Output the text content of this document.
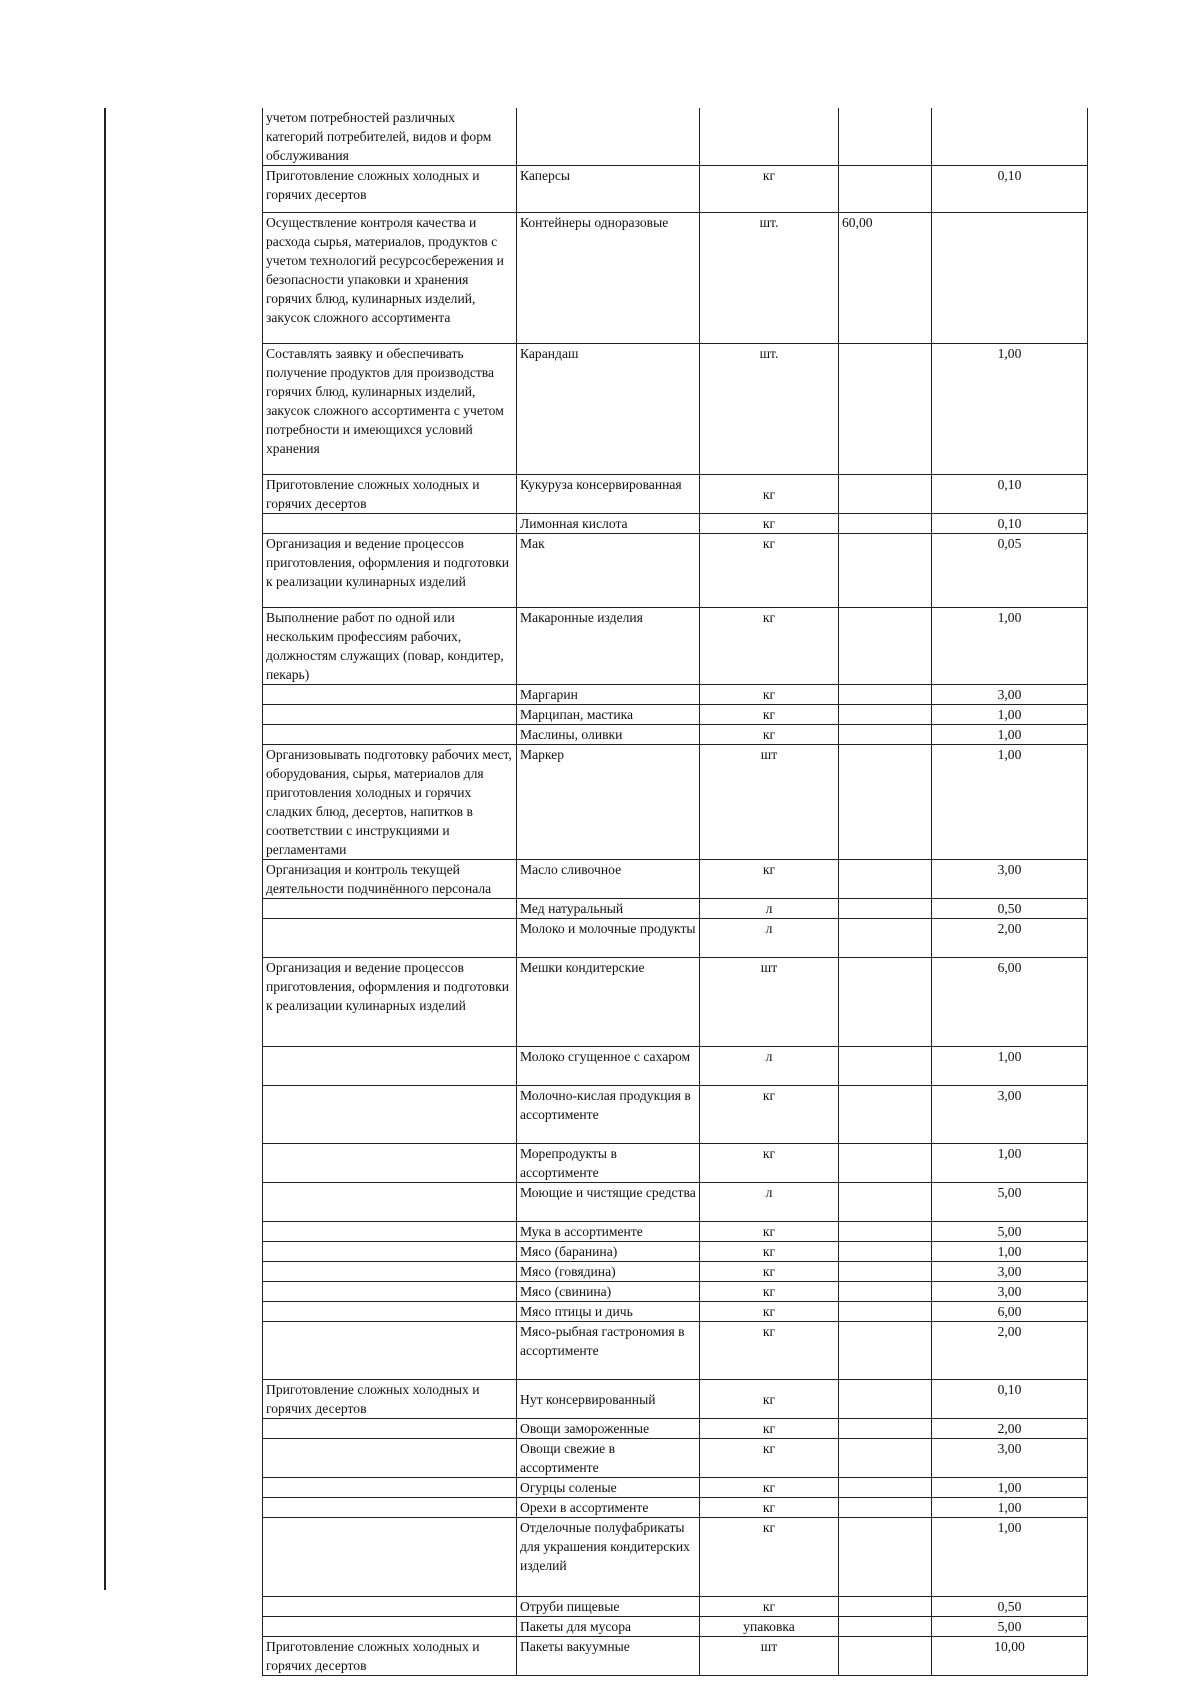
учетом потребностей различных категорий потребителей, видов и форм обслуживания				
Приготовление сложных холодных и горячих десертов	Каперсы	кг		0,10
Осуществление контроля качества и расхода сырья, материалов, продуктов с учетом технологий ресурсосбережения и безопасности упаковки и хранения горячих блюд, кулинарных изделий, закусок сложного ассортимента	Контейнеры одноразовые	шт.	60,00	
Составлять заявку и обеспечивать получение продуктов для производства горячих блюд, кулинарных изделий, закусок сложного ассортимента с учетом потребности и имеющихся условий хранения	Карандаш	шт.		1,00
Приготовление сложных холодных и горячих десертов	Кукуруза консервированная	кг		0,10
	Лимонная кислота	кг		0,10
Организация и ведение процессов приготовления, оформления и подготовки к реализации кулинарных изделий	Мак	кг		0,05
Выполнение работ по одной или нескольким профессиям рабочих, должностям служащих (повар, кондитер, пекарь)	Макаронные изделия	кг		1,00
	Маргарин	кг		3,00
	Марципан, мастика	кг		1,00
	Маслины, оливки	кг		1,00
Организовывать подготовку рабочих мест, оборудования, сырья, материалов для приготовления холодных и горячих сладких блюд, десертов, напитков в соответствии с инструкциями и регламентами	Маркер	шт		1,00
Организация и контроль текущей деятельности подчинённого персонала	Масло сливочное	кг		3,00
	Мед натуральный	л		0,50
	Молоко и молочные продукты	л		2,00
Организация и ведение процессов приготовления, оформления и подготовки к реализации кулинарных изделий	Мешки кондитерские	шт		6,00
	Молоко сгущенное с сахаром	л		1,00
	Молочно-кислая продукция в ассортименте	кг		3,00
	Морепродукты в ассортименте	кг		1,00
	Моющие и чистящие средства	л		5,00
	Мука в ассортименте	кг		5,00
	Мясо (баранина)	кг		1,00
	Мясо (говядина)	кг		3,00
	Мясо (свинина)	кг		3,00
	Мясо птицы и дичь	кг		6,00
	Мясо-рыбная гастрономия в ассортименте	кг		2,00
Приготовление сложных холодных и горячих десертов	Нут консервированный	кг		0,10
	Овощи замороженные	кг		2,00
	Овощи свежие в ассортименте	кг		3,00
	Огурцы соленые	кг		1,00
	Орехи в ассортименте	кг		1,00
	Отделочные полуфабрикаты для украшения кондитерских изделий	кг		1,00
	Отруби пищевые	кг		0,50
	Пакеты для мусора	упаковка		5,00
Приготовление сложных холодных и горячих десертов	Пакеты вакуумные	шт		10,00
